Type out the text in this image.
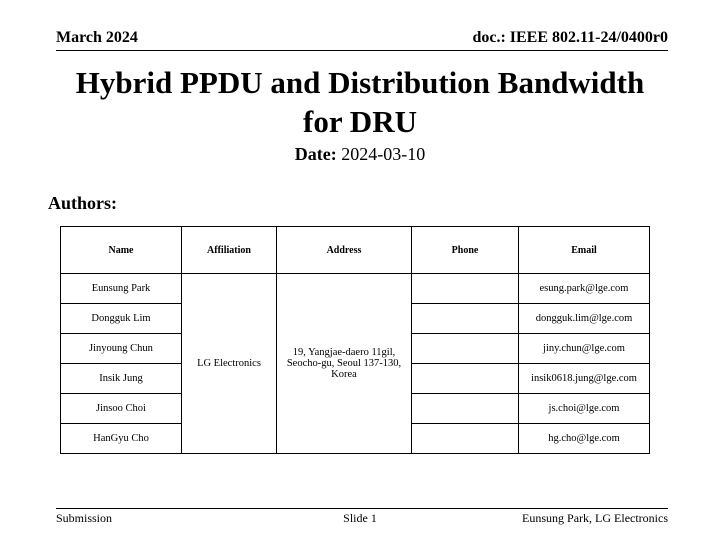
March 2024	doc.: IEEE 802.11-24/0400r0
Hybrid PPDU and Distribution Bandwidth
for DRU
Date: 2024-03-10
Authors:
Name	Affiliation	Address	Phone	Email
Eunsung Park	LG Electronics	19, Yangjae-daero 11gil, Seocho-gu, Seoul 137-130, Korea		esung.park@lge.com
Dongguk Lim				dongguk.lim@lge.com
Jinyoung Chun				jiny.chun@lge.com
Insik Jung				insik0618.jung@lge.com
Jinsoo Choi				js.choi@lge.com
HanGyu Cho				hg.cho@lge.com
Submission	Slide 1	Eunsung Park, LG Electronics
